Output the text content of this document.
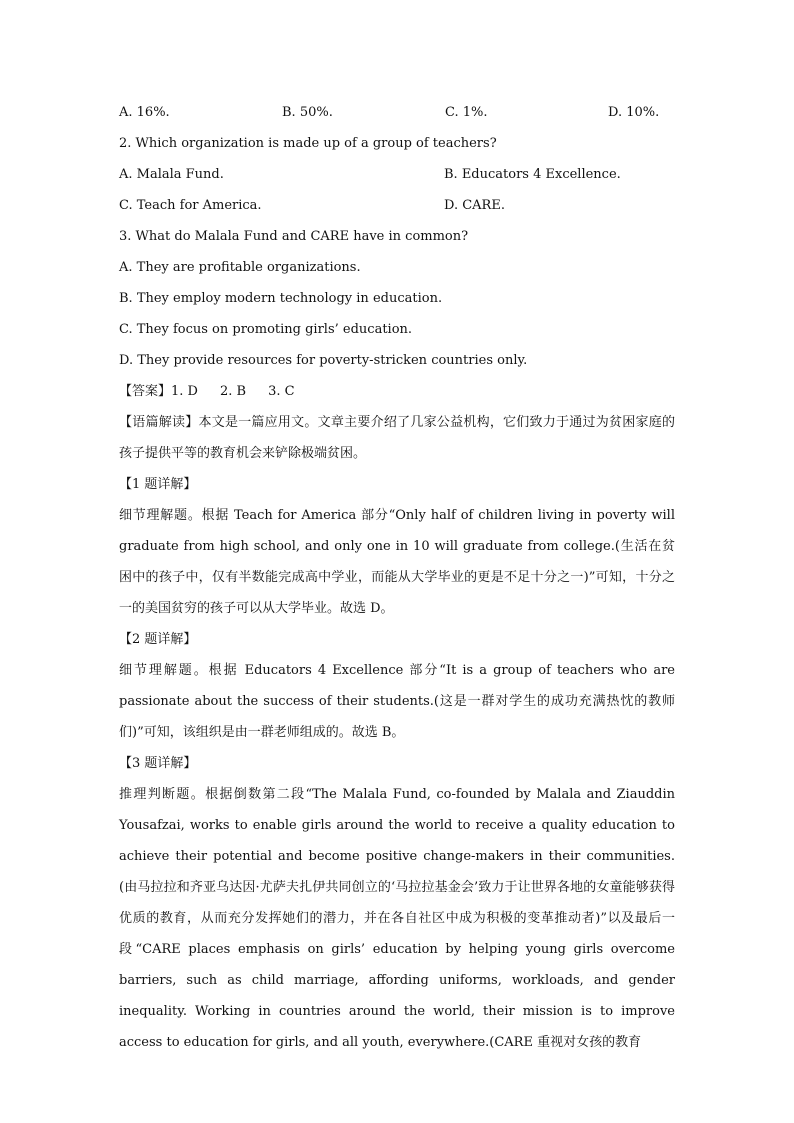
A. 16%.	B. 50%.	C. 1%.	D. 10%.
2. Which organization is made up of a group of teachers?
A. Malala Fund.	B. Educators 4 Excellence.
C. Teach for America.	D. CARE.
3. What do Malala Fund and CARE have in common?
A. They are profitable organizations.
B. They employ modern technology in education.
C. They focus on promoting girls’ education.
D. They provide resources for poverty-stricken countries only.
【答案】1. D 2. B 3. C

【语篇解读】本文是一篇应用文。文章主要介绍了几家公益机构，它们致力于通过为贫困家庭的孩子提供平等的教育机会来铲除极端贫困。

【1 题详解】

细节理解题。根据 Teach for America 部分“Only half of children living in poverty will graduate from high school, and only one in 10 will graduate from college.(生活在贫困中的孩子中，仅有半数能完成高中学业，而能从大学毕业的更是不足十分之一)”可知，十分之一的美国贫穷的孩子可以从大学毕业。故选 D。

【2 题详解】

细节理解题。根据 Educators 4 Excellence 部分“It is a group of teachers who are passionate about the success of their students.(这是一群对学生的成功充满热忱的教师们)”可知，该组织是由一群老师组成的。故选 B。

【3 题详解】

推理判断题。根据倒数第二段“The Malala Fund, co-founded by Malala and Ziauddin Yousafzai, works to enable girls around the world to receive a quality education to achieve their potential and become positive change-makers in their communities.(由马拉拉和齐亚乌达因·尤萨夫扎伊共同创立的‘马拉拉基金会’致力于让世界各地的女童能够获得优质的教育，从而充分发挥她们的潜力，并在各自社区中成为积极的变革推动者)”以及最后一段“CARE places emphasis on girls’ education by helping young girls overcome barriers, such as child marriage, affording uniforms, workloads, and gender inequality. Working in countries around the world, their mission is to improve access to education for girls, and all youth, everywhere.(CARE 重视对女孩的教育
